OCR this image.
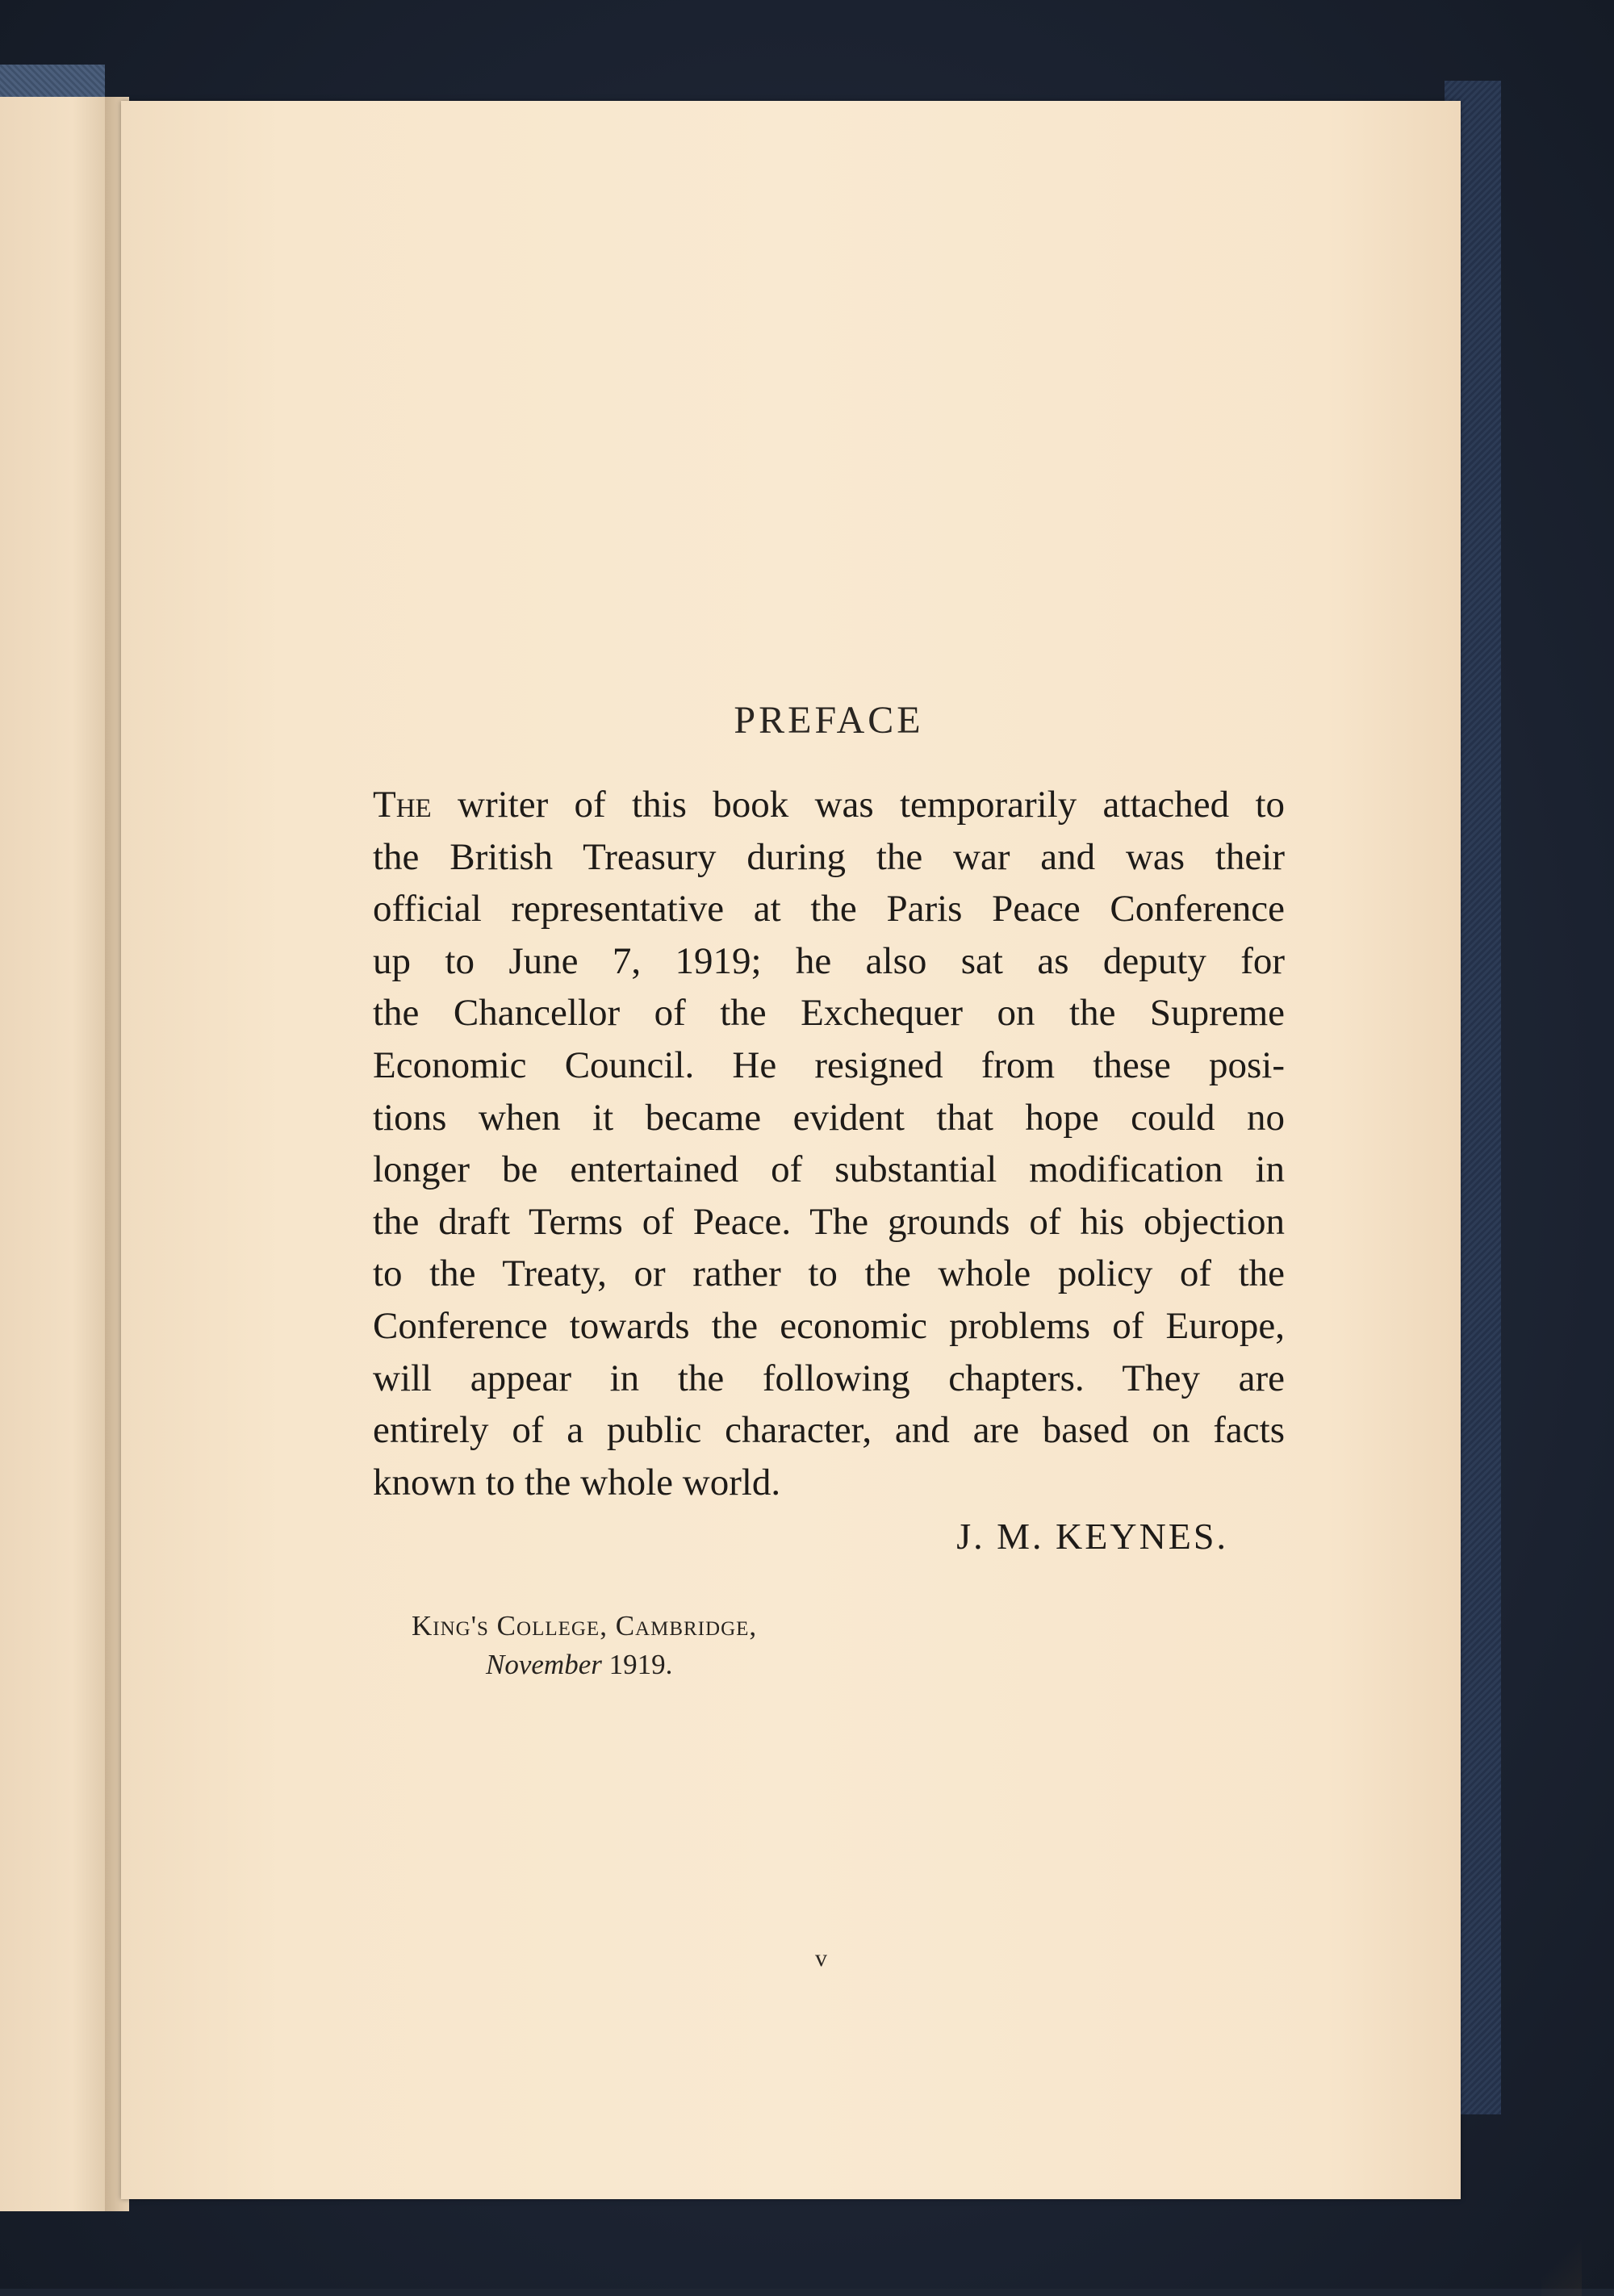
PREFACE
The writer of this book was temporarily attached to
the British Treasury during the war and was their
official representative at the Paris Peace Conference
up to June 7, 1919; he also sat as deputy for
the Chancellor of the Exchequer on the Supreme
Economic Council. He resigned from these posi-
tions when it became evident that hope could no
longer be entertained of substantial modification in
the draft Terms of Peace. The grounds of his objection
to the Treaty, or rather to the whole policy of the
Conference towards the economic problems of Europe,
will appear in the following chapters. They are
entirely of a public character, and are based on facts
known to the whole world.
J. M. KEYNES.
King's College, Cambridge,
November 1919.
v
